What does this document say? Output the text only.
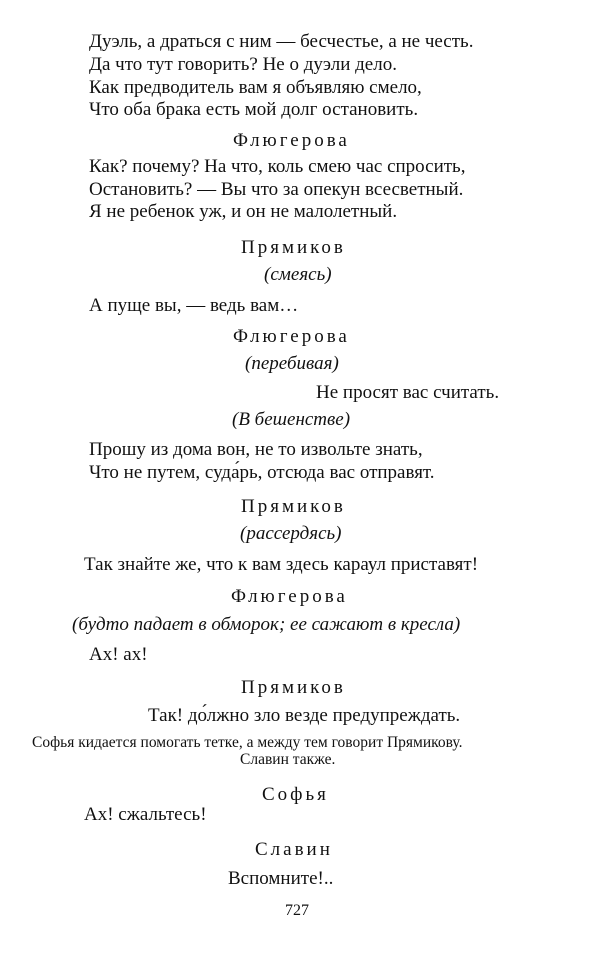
Дуэль, а драться с ним — бесчестье, а не честь.
Да что тут говорить? Не о дуэли дело.
Как предводитель вам я объявляю смело,
Что оба брака есть мой долг остановить.
Флюгерова
Как? почему? На что, коль смею час спросить,
Остановить? — Вы что за опекун всесветный.
Я не ребенок уж, и он не малолетный.
Прямиков
(смеясь)
А пуще вы, — ведь вам…
Флюгерова
(перебивая)
Не просят вас считать.
(В бешенстве)
Прошу из дома вон, не то извольте знать,
Что не путем, суда́рь, отсюда вас отправят.
Прямиков
(рассердясь)
Так знайте же, что к вам здесь караул приставят!
Флюгерова
(будто падает в обморок; ее сажают в кресла)
Ах! ах!
Прямиков
Так! до́лжно зло везде предупреждать.
Софья кидается помогать тетке, а между тем говорит Прямикову.
Славин также.
Софья
Ах! сжальтесь!
Славин
Вспомните!..
727
